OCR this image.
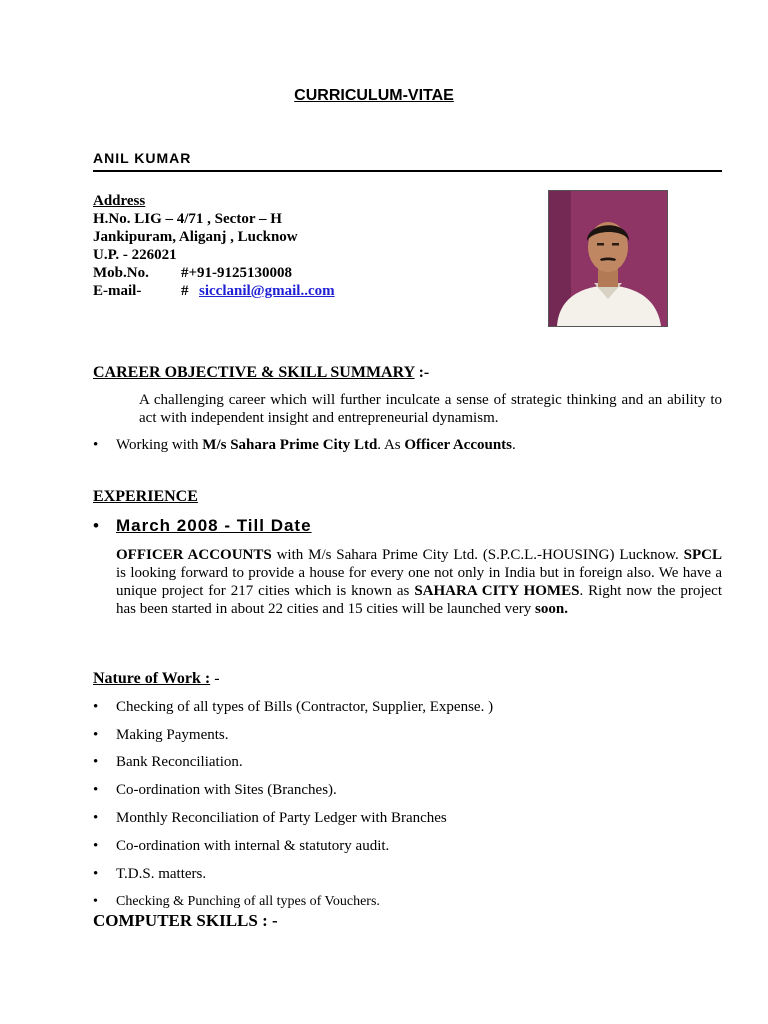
CURRICULUM-VITAE
ANIL KUMAR
Address
H.No. LIG – 4/71 , Sector – H
Jankipuram, Aliganj , Lucknow
U.P. - 226021
Mob.No. #+91-9125130008
E-mail-	# sicclanil@gmail..com
CAREER OBJECTIVE & SKILL SUMMARY :-
A challenging career which will further inculcate a sense of strategic thinking and an ability to act with independent insight and entrepreneurial dynamism.
• Working with M/s Sahara Prime City Ltd. As Officer Accounts.
EXPERIENCE
• March 2008 - Till Date
OFFICER ACCOUNTS with M/s Sahara Prime City Ltd. (S.P.C.L.-HOUSING) Lucknow. SPCL is looking forward to provide a house for every one not only in India but in foreign also. We have a unique project for 217 cities which is known as SAHARA CITY HOMES. Right now the project has been started in about 22 cities and 15 cities will be launched very soon.
Nature of Work : -
• Checking of all types of Bills (Contractor, Supplier, Expense. )
• Making Payments.
• Bank Reconciliation.
• Co-ordination with Sites (Branches).
• Monthly Reconciliation of Party Ledger with Branches
• Co-ordination with internal & statutory audit.
• T.D.S. matters.
• Checking & Punching of all types of Vouchers.
COMPUTER SKILLS : -
